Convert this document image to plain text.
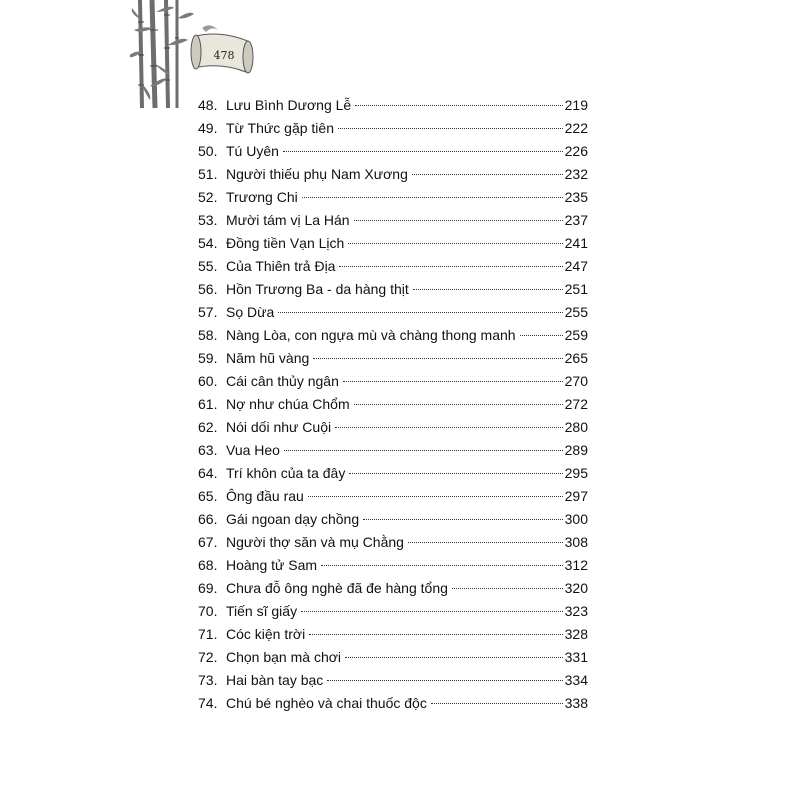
478
48. Lưu Bình Dương Lễ	219
49. Từ Thức gặp tiên	222
50. Tú Uyên	226
51. Người thiếu phụ Nam Xương	232
52. Trương Chi	235
53. Mười tám vị La Hán	237
54. Đồng tiền Vạn Lịch	241
55. Của Thiên trả Địa	247
56. Hồn Trương Ba - da hàng thịt	251
57. Sọ Dừa	255
58. Nàng Lòa, con ngựa mù và chàng thong manh	259
59. Năm hũ vàng	265
60. Cái cân thủy ngân	270
61. Nợ như chúa Chổm	272
62. Nói dối như Cuội	280
63. Vua Heo	289
64. Trí khôn của ta đây	295
65. Ông đầu rau	297
66. Gái ngoan dạy chồng	300
67. Người thợ săn và mụ Chằng	308
68. Hoàng tử Sam	312
69. Chưa đỗ ông nghè đã đe hàng tổng	320
70. Tiến sĩ giấy	323
71. Cóc kiện trời	328
72. Chọn bạn mà chơi	331
73. Hai bàn tay bạc	334
74. Chú bé nghèo và chai thuốc độc	338
